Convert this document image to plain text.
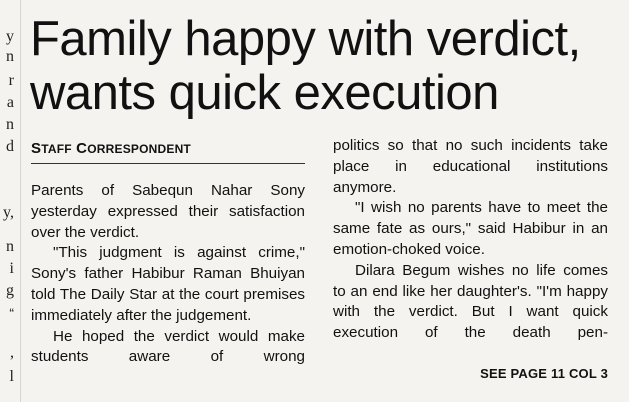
y
n
r
a
n
d
y,
n
i
g
“
,
l
Family happy with verdict,
wants quick execution

STAFF CORRESPONDENT

Parents of Sabequn Nahar Sony yesterday expressed their satisfaction over the verdict.

"This judgment is against crime," Sony's father Habibur Raman Bhuiyan told The Daily Star at the court premises immediately after the judgement.

He hoped the verdict would make students aware of wrong

politics so that no such incidents take place in educational institutions anymore.

"I wish no parents have to meet the same fate as ours," said Habibur in an emotion-choked voice.

Dilara Begum wishes no life comes to an end like her daughter's. "I'm happy with the verdict. But I want quick execution of the death pen-

SEE PAGE 11 COL 3
